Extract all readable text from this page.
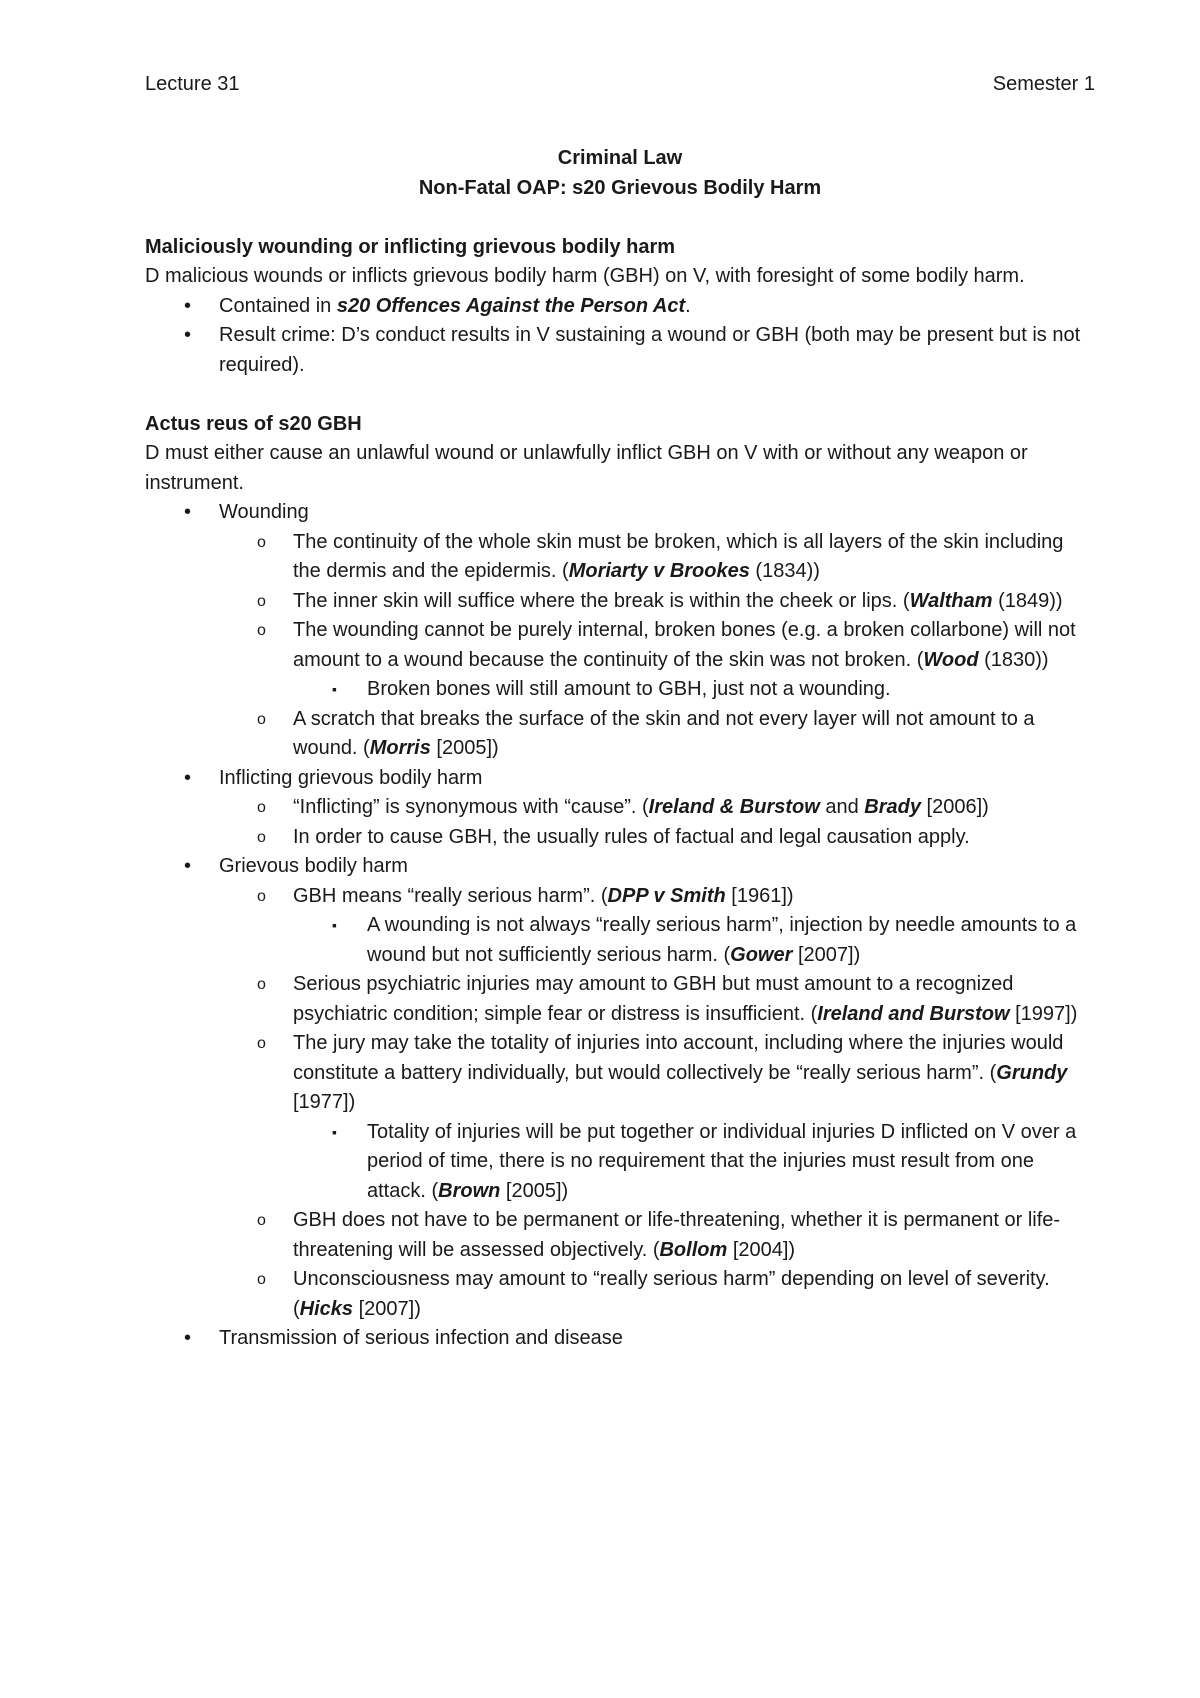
Lecture 31	Semester 1
Criminal Law
Non-Fatal OAP: s20 Grievous Bodily Harm
Maliciously wounding or inflicting grievous bodily harm

D malicious wounds or inflicts grievous bodily harm (GBH) on V, with foresight of some bodily harm.

• Contained in s20 Offences Against the Person Act.
• Result crime: D’s conduct results in V sustaining a wound or GBH (both may be present but is not required).
Actus reus of s20 GBH

D must either cause an unlawful wound or unlawfully inflict GBH on V with or without any weapon or instrument.

• Wounding
o The continuity of the whole skin must be broken, which is all layers of the skin including the dermis and the epidermis. (Moriarty v Brookes (1834))
o The inner skin will suffice where the break is within the cheek or lips. (Waltham (1849))
o The wounding cannot be purely internal, broken bones (e.g. a broken collarbone) will not amount to a wound because the continuity of the skin was not broken. (Wood (1830))
▪ Broken bones will still amount to GBH, just not a wounding.
o A scratch that breaks the surface of the skin and not every layer will not amount to a wound. (Morris [2005])
• Inflicting grievous bodily harm
o “Inflicting” is synonymous with “cause”. (Ireland & Burstow and Brady [2006])
o In order to cause GBH, the usually rules of factual and legal causation apply.
• Grievous bodily harm
o GBH means “really serious harm”. (DPP v Smith [1961])
▪ A wounding is not always “really serious harm”, injection by needle amounts to a wound but not sufficiently serious harm. (Gower [2007])
o Serious psychiatric injuries may amount to GBH but must amount to a recognized psychiatric condition; simple fear or distress is insufficient. (Ireland and Burstow [1997])
o The jury may take the totality of injuries into account, including where the injuries would constitute a battery individually, but would collectively be “really serious harm”. (Grundy [1977])
▪ Totality of injuries will be put together or individual injuries D inflicted on V over a period of time, there is no requirement that the injuries must result from one attack. (Brown [2005])
o GBH does not have to be permanent or life-threatening, whether it is permanent or life-threatening will be assessed objectively. (Bollom [2004])
o Unconsciousness may amount to “really serious harm” depending on level of severity. (Hicks [2007])
• Transmission of serious infection and disease
